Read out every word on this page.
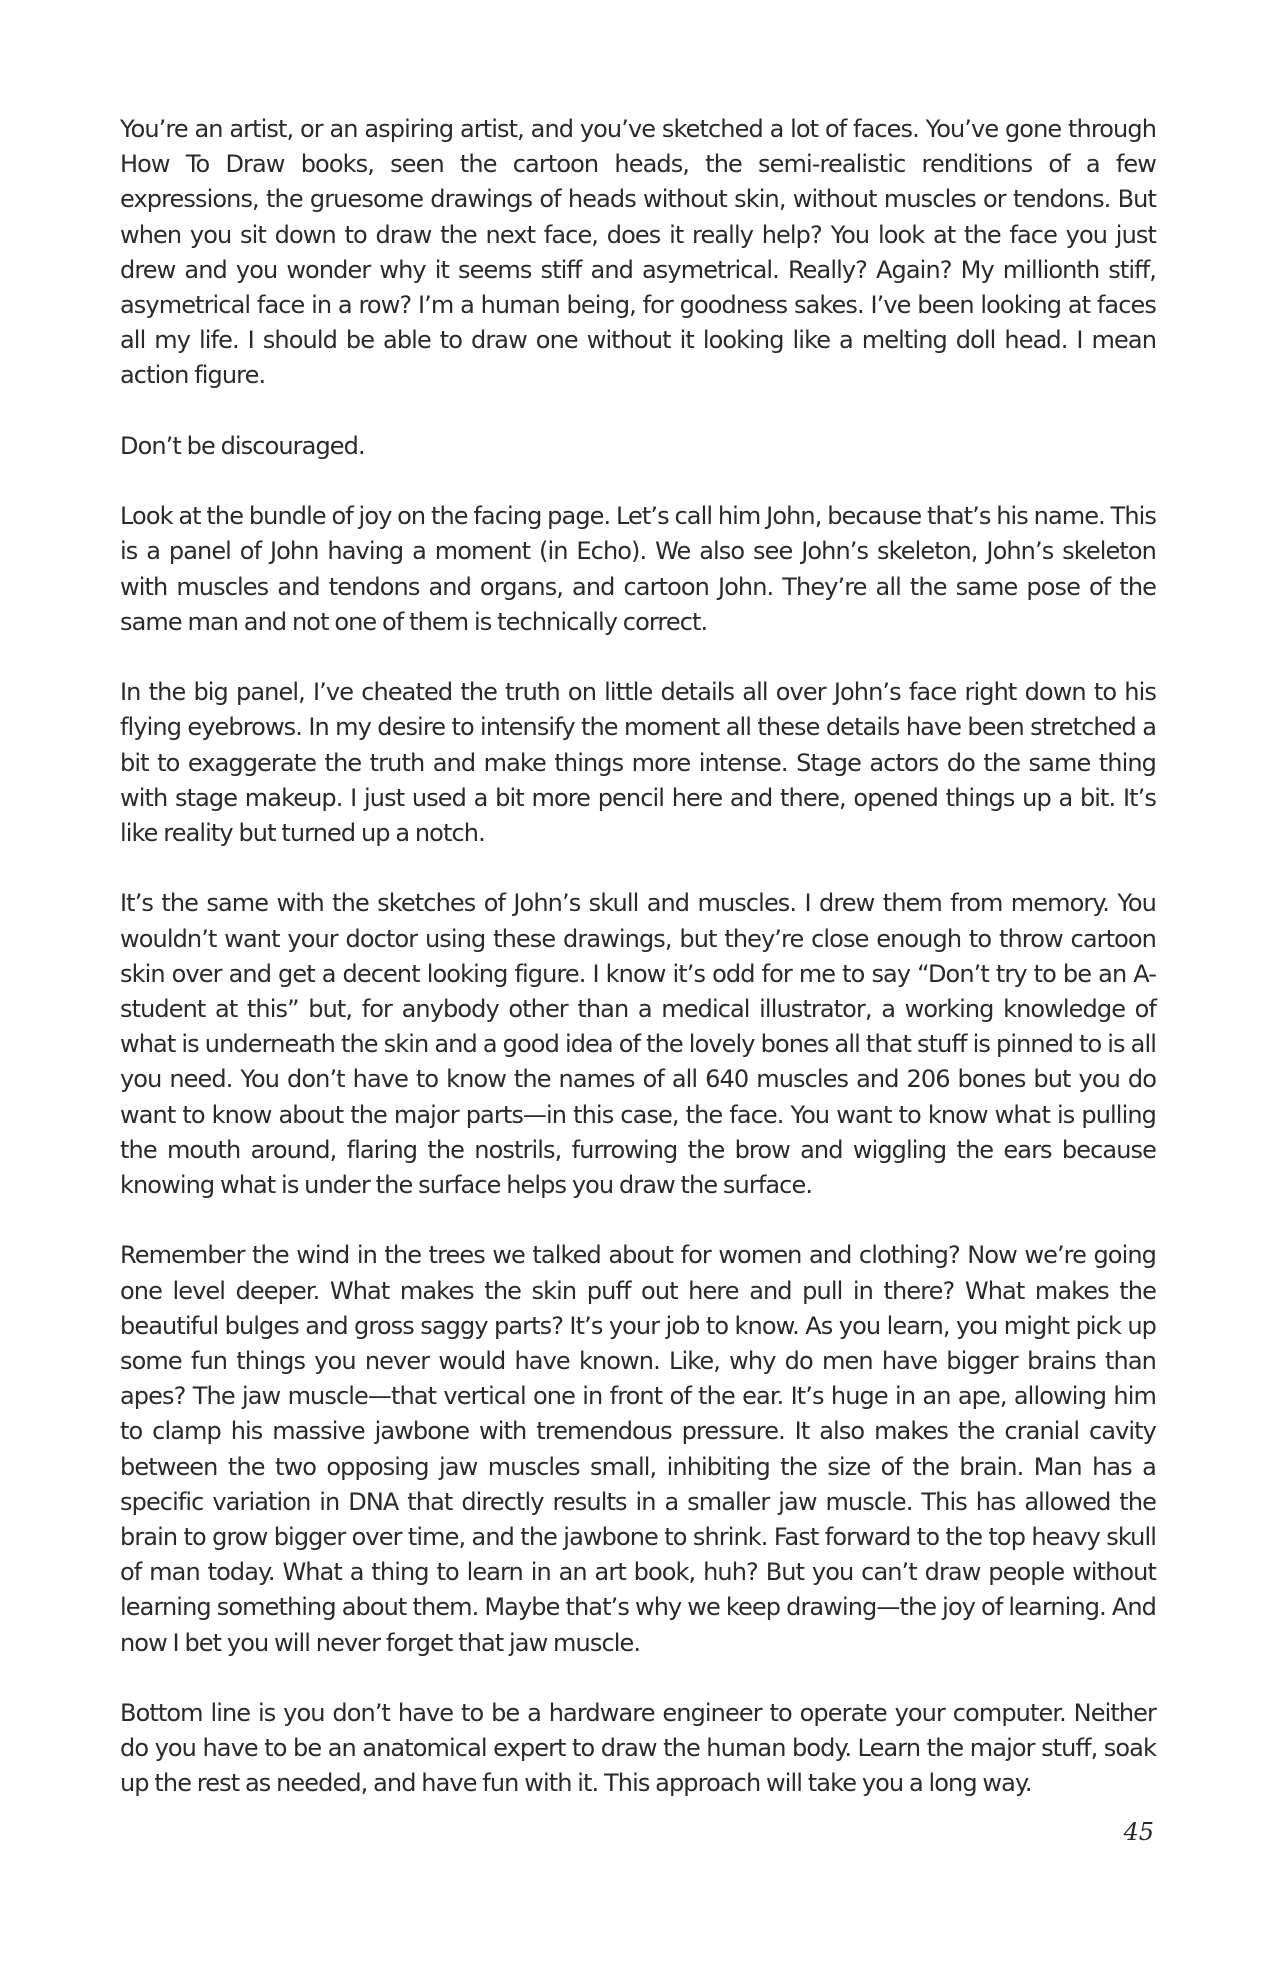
You’re an artist, or an aspiring artist, and you’ve sketched a lot of faces. You’ve gone through How To Draw books, seen the cartoon heads, the semi-realistic renditions of a few expressions, the gruesome drawings of heads without skin, without muscles or tendons. But when you sit down to draw the next face, does it really help? You look at the face you just drew and you wonder why it seems stiff and asymetrical. Really? Again? My millionth stiff, asymetrical face in a row? I’m a human being, for goodness sakes. I’ve been looking at faces all my life. I should be able to draw one without it looking like a melting doll head. I mean action figure.

Don’t be discouraged.

Look at the bundle of joy on the facing page. Let’s call him John, because that’s his name. This is a panel of John having a moment (in Echo). We also see John’s skeleton, John’s skeleton with muscles and tendons and organs, and cartoon John. They’re all the same pose of the same man and not one of them is technically correct.

In the big panel, I’ve cheated the truth on little details all over John’s face right down to his flying eyebrows. In my desire to intensify the moment all these details have been stretched a bit to exaggerate the truth and make things more intense. Stage actors do the same thing with stage makeup. I just used a bit more pencil here and there, opened things up a bit. It’s like reality but turned up a notch.

It’s the same with the sketches of John’s skull and muscles. I drew them from memory. You wouldn’t want your doctor using these drawings, but they’re close enough to throw cartoon skin over and get a decent looking figure. I know it’s odd for me to say “Don’t try to be an A-student at this” but, for anybody other than a medical illustrator, a working knowledge of what is underneath the skin and a good idea of the lovely bones all that stuff is pinned to is all you need. You don’t have to know the names of all 640 muscles and 206 bones but you do want to know about the major parts—in this case, the face. You want to know what is pulling the mouth around, flaring the nostrils, furrowing the brow and wiggling the ears because knowing what is under the surface helps you draw the surface.

Remember the wind in the trees we talked about for women and clothing? Now we’re going one level deeper. What makes the skin puff out here and pull in there? What makes the beautiful bulges and gross saggy parts? It’s your job to know. As you learn, you might pick up some fun things you never would have known. Like, why do men have bigger brains than apes? The jaw muscle—that vertical one in front of the ear. It’s huge in an ape, allowing him to clamp his massive jawbone with tremendous pressure. It also makes the cranial cavity between the two opposing jaw muscles small, inhibiting the size of the brain. Man has a specific variation in DNA that directly results in a smaller jaw muscle. This has allowed the brain to grow bigger over time, and the jawbone to shrink. Fast forward to the top heavy skull of man today. What a thing to learn in an art book, huh? But you can’t draw people without learning something about them. Maybe that’s why we keep drawing—the joy of learning. And now I bet you will never forget that jaw muscle.

Bottom line is you don’t have to be a hardware engineer to operate your computer. Neither do you have to be an anatomical expert to draw the human body. Learn the major stuff, soak up the rest as needed, and have fun with it. This approach will take you a long way.

45
